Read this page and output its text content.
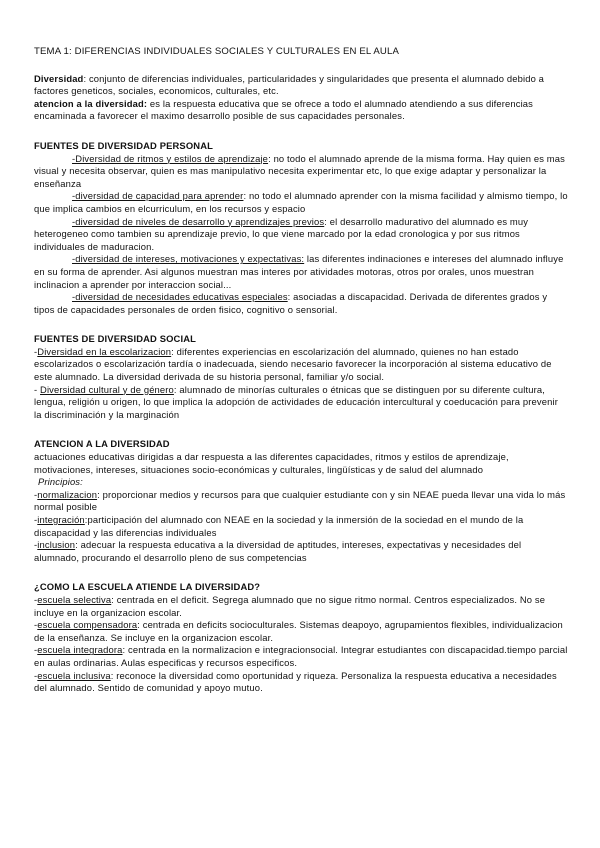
TEMA 1: DIFERENCIAS INDIVIDUALES SOCIALES Y CULTURALES EN EL AULA

Diversidad: conjunto de diferencias individuales, particularidades y singularidades que presenta el alumnado debido a factores geneticos, sociales, economicos, culturales, etc.

atencion a la diversidad: es la respuesta educativa que se ofrece a todo el alumnado atendiendo a sus diferencias encaminada a favorecer el maximo desarrollo posible de sus capacidades personales.

FUENTES DE DIVERSIDAD PERSONAL

-Diversidad de ritmos y estilos de aprendizaje: no todo el alumnado aprende de la misma forma. Hay quien es mas visual y necesita observar, quien es mas manipulativo necesita experimentar etc, lo que exige adaptar y personalizar la enseñanza

-diversidad de capacidad para aprender: no todo el alumnado aprender con la misma facilidad y almismo tiempo, lo que implica cambios en elcurriculum, en los recursos y espacio

-diversidad de niveles de desarrollo y aprendizajes previos: el desarrollo madurativo del alumnado es muy heterogeneo como tambien su aprendizaje previo, lo que viene marcado por la edad cronologica y por sus ritmos individuales de maduracion.

-diversidad de intereses, motivaciones y expectativas: las diferentes indinaciones e intereses del alumnado influye en su forma de aprender. Asi algunos muestran mas interes por atividades motoras, otros por orales, unos muestran inclinacion a aprender por interaccion social...

-diversidad de necesidades educativas especiales: asociadas a discapacidad. Derivada de diferentes grados y tipos de capacidades personales de orden fisico, cognitivo o sensorial.

FUENTES DE DIVERSIDAD SOCIAL

-Diversidad en la escolarizacion: diferentes experiencias en escolarización del alumnado, quienes no han estado escolarizados o escolarización tardía o inadecuada, siendo necesario favorecer la incorporación al sistema educativo de este alumnado. La diversidad derivada de su historia personal, familiar y/o social.

- Diversidad cultural y de género: alumnado de minorías culturales o étnicas que se distinguen por su diferente cultura, lengua, religión u origen, lo que implica la adopción de actividades de educación intercultural y coeducación para prevenir la discriminación y la marginación

ATENCION A LA DIVERSIDAD

actuaciones educativas dirigidas a dar respuesta a las diferentes capacidades, ritmos y estilos de aprendizaje, motivaciones, intereses, situaciones socio-económicas y culturales, lingüísticas y de salud del alumnado

Principios:

-normalizacion: proporcionar medios y recursos para que cualquier estudiante con y sin NEAE pueda llevar una vida lo más normal posible

-integración:participación del alumnado con NEAE en la sociedad y la inmersión de la sociedad en el mundo de la discapacidad y las diferencias individuales

-inclusion: adecuar la respuesta educativa a la diversidad de aptitudes, intereses, expectativas y necesidades del alumnado, procurando el desarrollo pleno de sus competencias

¿COMO LA ESCUELA ATIENDE LA DIVERSIDAD?

-escuela selectiva: centrada en el deficit. Segrega alumnado que no sigue ritmo normal. Centros especializados. No se incluye en la organizacion escolar.

-escuela compensadora: centrada en deficits socioculturales. Sistemas deapoyo, agrupamientos flexibles, individualizacion de la enseñanza. Se incluye en la organizacion escolar.

-escuela integradora: centrada en la normalizacion e integracionsocial. Integrar estudiantes con discapacidad.tiempo parcial en aulas ordinarias. Aulas especificas y recursos especificos.

-escuela inclusiva: reconoce la diversidad como oportunidad y riqueza. Personaliza la respuesta educativa a necesidades del alumnado. Sentido de comunidad y apoyo mutuo.
